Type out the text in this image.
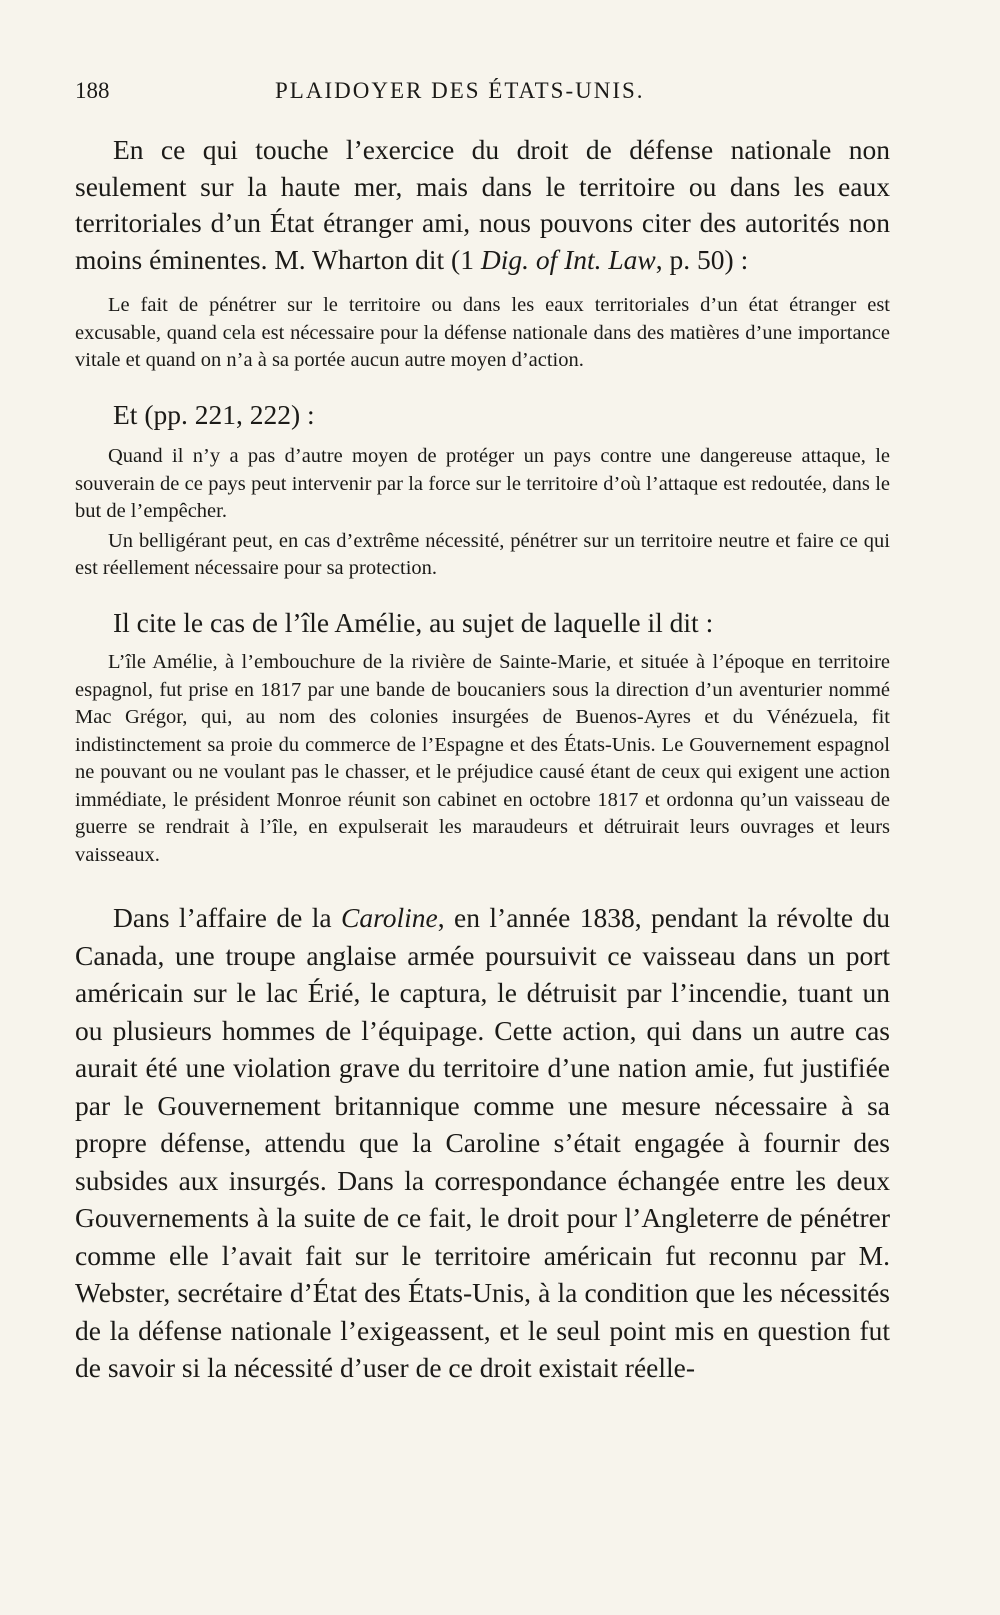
188	PLAIDOYER DES ÉTATS-UNIS.

En ce qui touche l’exercice du droit de défense nationale non seulement sur la haute mer, mais dans le territoire ou dans les eaux territoriales d’un État étranger ami, nous pouvons citer des autorités non moins éminentes. M. Wharton dit (1 Dig. of Int. Law, p. 50) :

Le fait de pénétrer sur le territoire ou dans les eaux territoriales d’un état étranger est excusable, quand cela est nécessaire pour la défense nationale dans des matières d’une importance vitale et quand on n’a à sa portée aucun autre moyen d’action.

Et (pp. 221, 222) :

Quand il n’y a pas d’autre moyen de protéger un pays contre une dangereuse attaque, le souverain de ce pays peut intervenir par la force sur le territoire d’où l’attaque est redoutée, dans le but de l’empêcher.

Un belligérant peut, en cas d’extrême nécessité, pénétrer sur un territoire neutre et faire ce qui est réellement nécessaire pour sa protection.

Il cite le cas de l’île Amélie, au sujet de laquelle il dit :

L’île Amélie, à l’embouchure de la rivière de Sainte-Marie, et située à l’époque en territoire espagnol, fut prise en 1817 par une bande de boucaniers sous la direction d’un aventurier nommé Mac Grégor, qui, au nom des colonies insurgées de Buenos-Ayres et du Vénézuela, fit indistinctement sa proie du commerce de l’Espagne et des États-Unis. Le Gouvernement espagnol ne pouvant ou ne voulant pas le chasser, et le préjudice causé étant de ceux qui exigent une action immédiate, le président Monroe réunit son cabinet en octobre 1817 et ordonna qu’un vaisseau de guerre se rendrait à l’île, en expulserait les maraudeurs et détruirait leurs ouvrages et leurs vaisseaux.

Dans l’affaire de la Caroline, en l’année 1838, pendant la révolte du Canada, une troupe anglaise armée poursuivit ce vaisseau dans un port américain sur le lac Érié, le captura, le détruisit par l’incendie, tuant un ou plusieurs hommes de l’équipage. Cette action, qui dans un autre cas aurait été une violation grave du territoire d’une nation amie, fut justifiée par le Gouvernement britannique comme une mesure nécessaire à sa propre défense, attendu que la Caroline s’était engagée à fournir des subsides aux insurgés. Dans la correspondance échangée entre les deux Gouvernements à la suite de ce fait, le droit pour l’Angleterre de pénétrer comme elle l’avait fait sur le territoire américain fut reconnu par M. Webster, secrétaire d’État des États-Unis, à la condition que les nécessités de la défense nationale l’exigeassent, et le seul point mis en question fut de savoir si la nécessité d’user de ce droit existait réelle-
